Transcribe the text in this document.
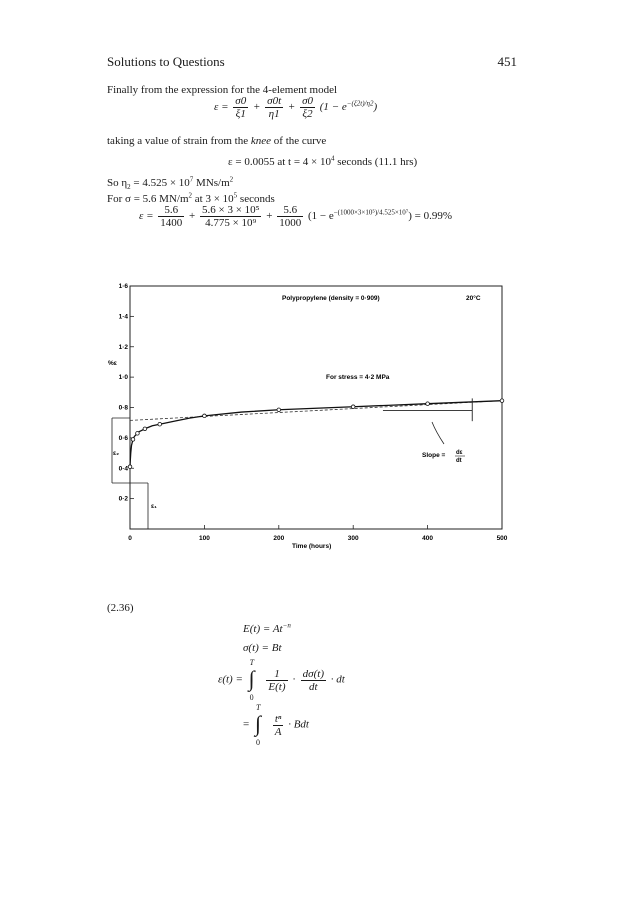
Solutions to Questions	451
Finally from the expression for the 4-element model
$\varepsilon = \frac{\sigma 0}{\xi 1} + \frac{\sigma 0t}{\eta 1} + \frac{\sigma 0}{\xi 2} (1 - e^{-(\xi 2t)/\eta 2})$
taking a value of strain from the knee of the curve
ε = 0.0055 at $t = 4 \times 10^4$ seconds (11.1 hrs)
So $\eta_2 = 4.525 \times 10^7$ MNs/$m^2$
For σ = 5.6 $MN/m^2$ at $3 \times 10^5$ seconds
$\varepsilon = \frac{5.6}{1400} + \frac{\text{5.6 × 3 × 10⁵}}{\text{4.775 × 10⁹}} + \frac{5.6}{1000} (1 - e^{-(1000\times 3\times 10^5)/4.525\times 10^7}) = 0.99\%$
0	100	200	300	400	500
0·2
0·4
0·6
0·8
1·0
1·2
1·4
1·6
Polypropylene (density = 0·909)	20°C
For stress = 4·2 MPa
Slope = dε
dt
ε₂
ε₁
%ε
Time (hours)
(2.36)
$E(t) = At^{-n}$
σ(t) = Bt
ε(t) =
T
∫
0

$\frac{1}{E(t)} \cdot \frac{d\sigma(t)}{dt}$ · dt
=
T
∫
0

$\frac{\text{tⁿ}}{A}$ · Bdt
